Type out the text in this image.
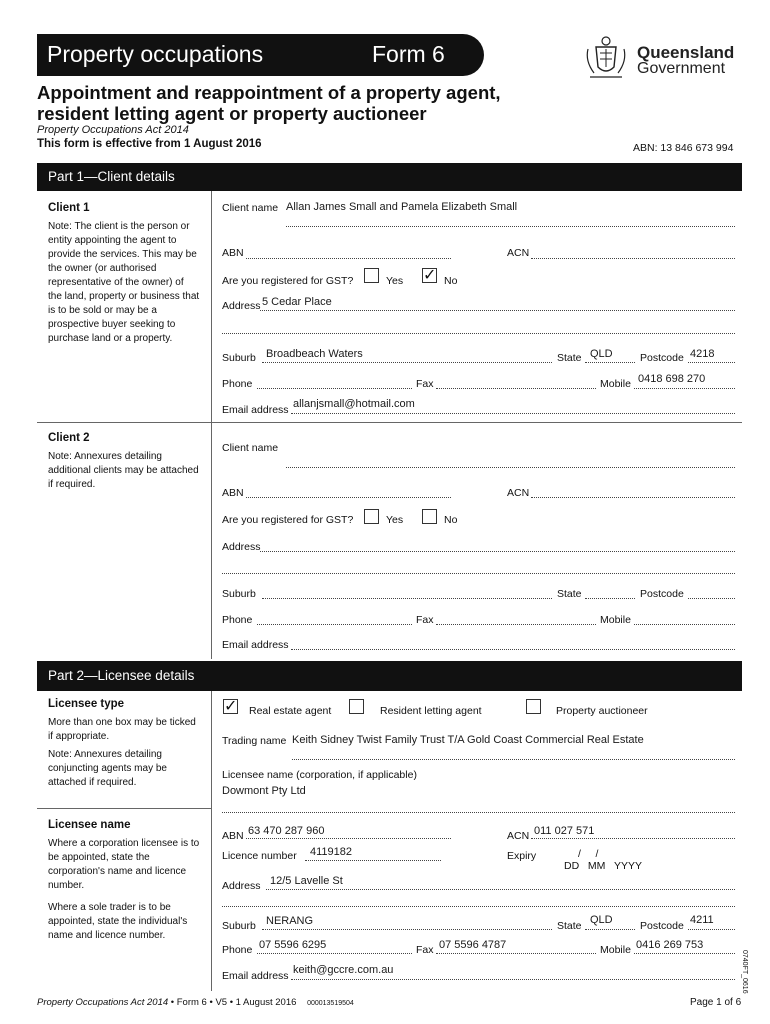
Property occupations	Form 6	Queensland
Government
Appointment and reappointment of a property agent,
resident letting agent or property auctioneer
Property Occupations Act 2014
This form is effective from 1 August 2016	ABN: 13 846 673 994
Part 1—Client details
Client 1
Note: The client is the person or entity appointing the agent to provide the services. This may be the owner (or authorised representative of the owner) of the land, property or business that is to be sold or may be a prospective buyer seeking to purchase land or a property.
Client name Allan James Small and Pamela Elizabeth Small
ABN	ACN
Are you registered for GST?	Yes ✓ No
Address 5 Cedar Place
Suburb Broadbeach Waters	State QLD	Postcode 4218
Phone	Fax	Mobile 0418 698 270
Email address allanjsmall@hotmail.com
Client 2
Note: Annexures detailing additional clients may be attached if required.
Client name
ABN	ACN
Are you registered for GST?	Yes	No
Address
Suburb	State	Postcode
Phone	Fax	Mobile
Email address
Part 2—Licensee details
Licensee type
More than one box may be ticked if appropriate.
Note: Annexures detailing conjuncting agents may be attached if required.
✓ Real estate agent	Resident letting agent	Property auctioneer
Trading name Keith Sidney Twist Family Trust T/A Gold Coast Commercial Real Estate
Licensee name (corporation, if applicable)
Dowmont Pty Ltd
Licensee name
Where a corporation licensee is to be appointed, state the corporation's name and licence number.
Where a sole trader is to be appointed, state the individual's name and licence number.
ABN 63 470 287 960	ACN 011 027 571
Licence number 4119182	Expiry	/     /
DD   MM   YYYY
Address 12/5 Lavelle St
Suburb NERANG	State QLD	Postcode 4211
Phone 07 5596 6295	Fax 07 5596 4787	Mobile 0416 269 753
Email address keith@gccre.com.au	0740FT_0616
Property Occupations Act 2014 • Form 6 • V5 • 1 August 2016 000013519504	Page 1 of 6
